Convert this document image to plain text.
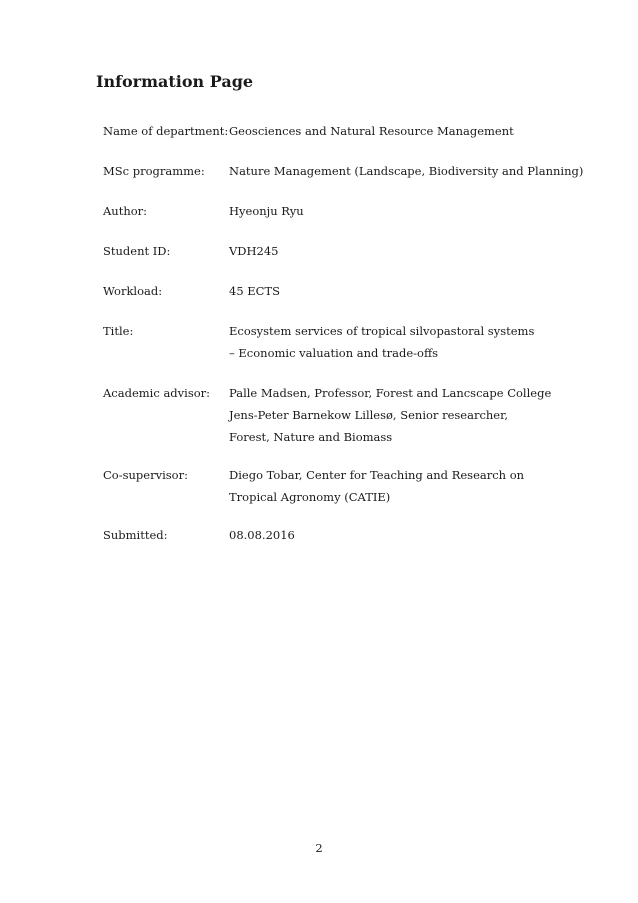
Information Page
Name of department: Geosciences and Natural Resource Management
MSc programme: Nature Management (Landscape, Biodiversity and Planning)
Author:	Hyeonju Ryu
Student ID:	VDH245
Workload:	45 ECTS
Title:	Ecosystem services of tropical silvopastoral systems
– Economic valuation and trade-offs
Academic advisor: Palle Madsen, Professor, Forest and Lancscape College
Jens-Peter Barnekow Lillesø, Senior researcher,
Forest, Nature and Biomass
Co-supervisor:	Diego Tobar, Center for Teaching and Research on
Tropical Agronomy (CATIE)
Submitted:	08.08.2016
2
